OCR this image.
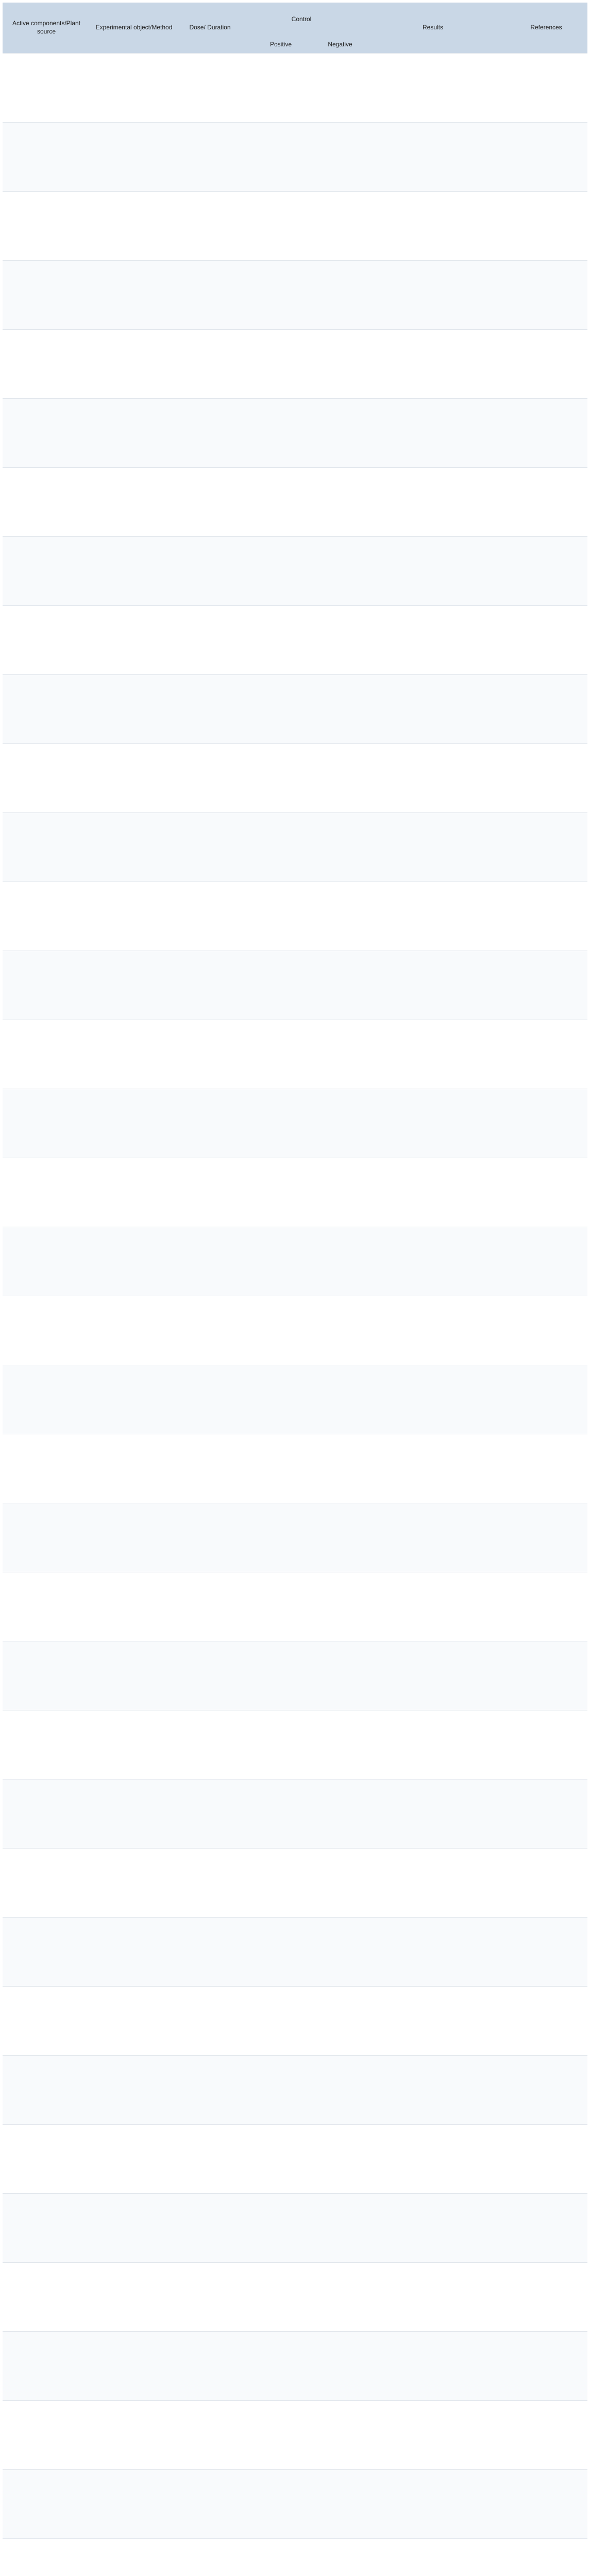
Active components/Plant source	Experimental object/Method	Dose/ Duration	Control		Results	References
			Positive	Negative		
